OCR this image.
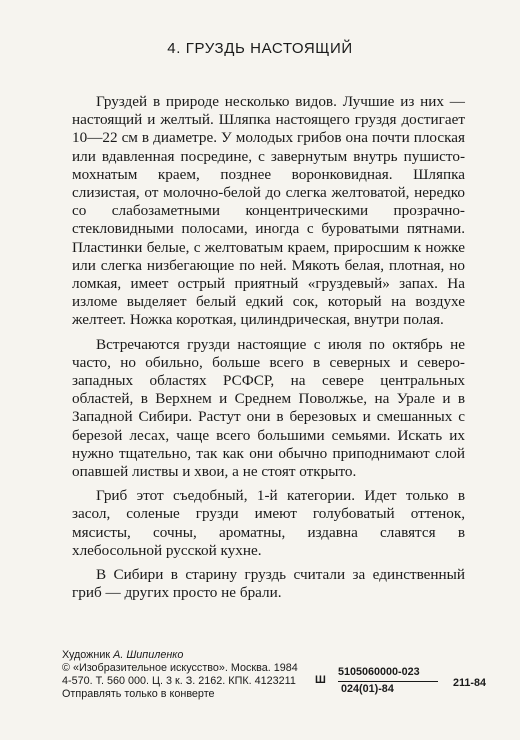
4. ГРУЗДЬ НАСТОЯЩИЙ

Груздей в природе несколько видов. Лучшие из них — настоящий и желтый. Шляпка настоящего груздя достигает 10—22 см в диаметре. У молодых грибов она почти плоская или вдавленная посредине, с завернутым внутрь пушисто-мохнатым краем, позднее воронковидная. Шляпка слизистая, от молочно-белой до слегка желтоватой, нередко со слабозаметными концентрическими прозрачно-стекловидными полосами, иногда с буроватыми пятнами. Пластинки белые, с желтоватым краем, приросшим к ножке или слегка низбегающие по ней. Мякоть белая, плотная, но ломкая, имеет острый приятный «груздевый» запах. На изломе выделяет белый едкий сок, который на воздухе желтеет. Ножка короткая, цилиндрическая, внутри полая.

Встречаются грузди настоящие с июля по октябрь не часто, но обильно, больше всего в северных и северо-западных областях РСФСР, на севере центральных областей, в Верхнем и Среднем Поволжье, на Урале и в Западной Сибири. Растут они в березовых и смешанных с березой лесах, чаще всего большими семьями. Искать их нужно тщательно, так как они обычно приподнимают слой опавшей листвы и хвои, а не стоят открыто.

Гриб этот съедобный, 1-й категории. Идет только в засол, соленые грузди имеют голубоватый оттенок, мясисты, сочны, ароматны, издавна славятся в хлебосольной русской кухне.

В Сибири в старину груздь считали за единственный гриб — других просто не брали.

Художник А. Шипиленко
© «Изобразительное искусство». Москва. 1984
4-570. Т. 560 000. Ц. 3 к. З. 2162. КПК. 4123211
Отправлять только в конверте
Ш
5105060000-023
024(01)-84	211-84
